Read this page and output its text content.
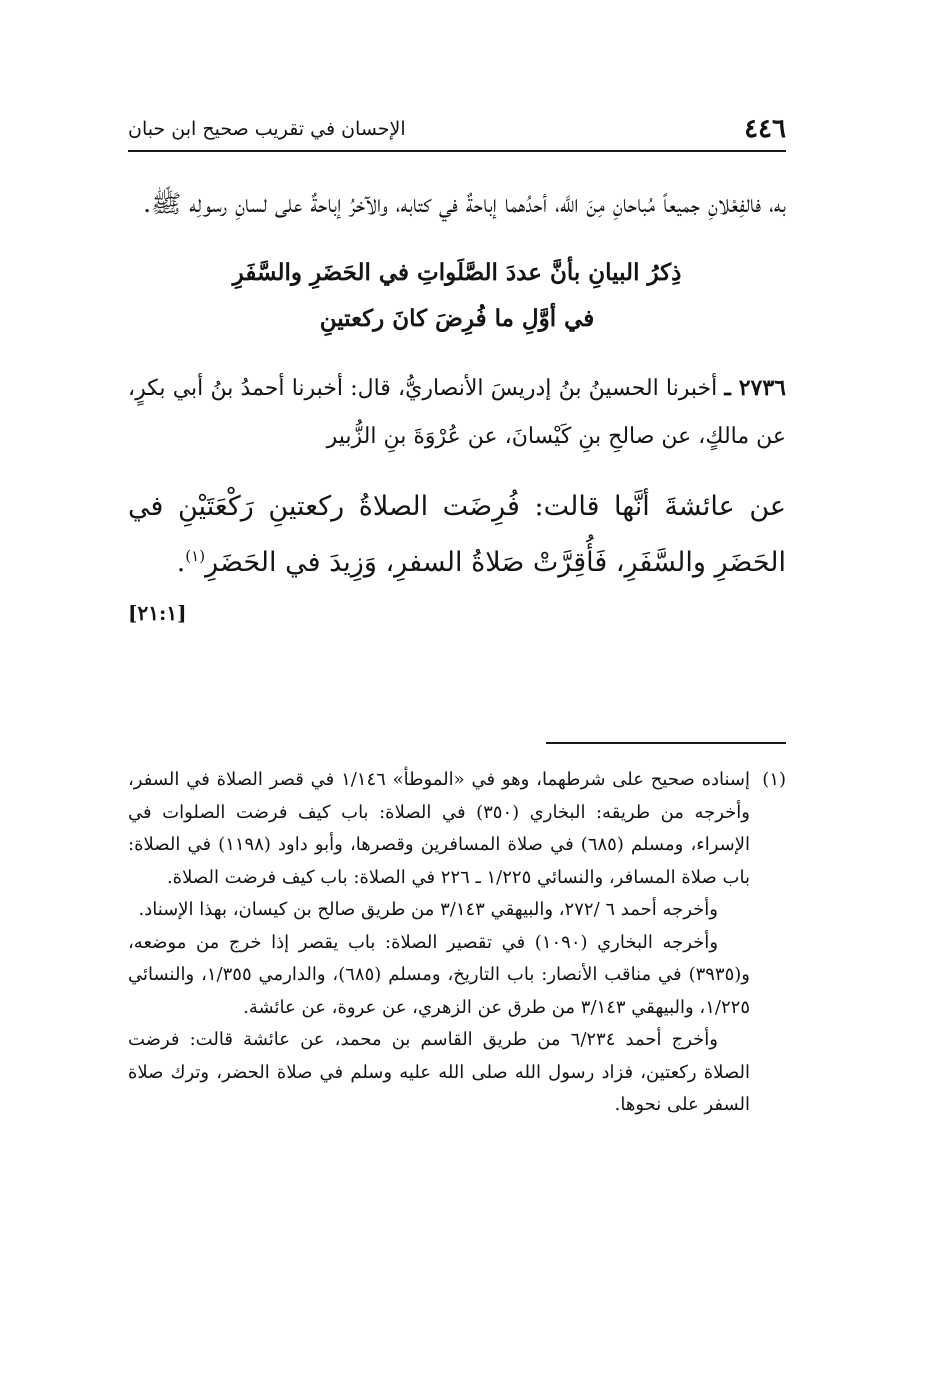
٤٤٦
الإحسان في تقريب صحيح ابن حبان

به، فالفِعْلانِ جميعاً مُباحانِ مِنَ اللَّه، أحدُهما إباحةٌ في كتابه، والآخرُ إباحةٌ على لسانِ رسولِه ﷺ.

ذِكرُ البيانِ بأنَّ عددَ الصَّلَواتِ في الحَضَرِ والسَّفَرِ
في أوَّلِ ما فُرِضَ كانَ ركعتينِ

٢٧٣٦ ـ أخبرنا الحسينُ بنُ إدريسَ الأنصاريُّ، قال: أخبرنا أحمدُ بنُ أبي بكرٍ، عن مالكٍ، عن صالحِ بنِ كَيْسانَ، عن عُرْوَةَ بنِ الزُّبير

عن عائشةَ أنَّها قالت: فُرِضَت الصلاةُ ركعتينِ رَكْعَتَيْنِ في الحَضَرِ والسَّفَرِ، فَأُقِرَّتْ صَلاةُ السفرِ، وَزِيدَ في الحَضَرِ$^{(١)}$.

[٢١:١]

(١)إسناده صحيح على شرطهما، وهو في «الموطأ» ١/١٤٦ في قصر الصلاة في السفر، وأخرجه من طريقه: البخاري (٣٥٠) في الصلاة: باب كيف فرضت الصلوات في الإسراء، ومسلم (٦٨٥) في صلاة المسافرين وقصرها، وأبو داود (١١٩٨) في الصلاة: باب صلاة المسافر، والنسائي ١/٢٢٥ ـ ٢٢٦ في الصلاة: باب كيف فرضت الصلاة.

وأخرجه أحمد ٦ /٢٧٢، والبيهقي ٣/١٤٣ من طريق صالح بن كيسان، بهذا الإسناد.

وأخرجه البخاري (١٠٩٠) في تقصير الصلاة: باب يقصر إذا خرج من موضعه، و(٣٩٣٥) في مناقب الأنصار: باب التاريخ، ومسلم (٦٨٥)، والدارمي ١/٣٥٥، والنسائي ١/٢٢٥، والبيهقي ٣/١٤٣ من طرق عن الزهري، عن عروة، عن عائشة.

وأخرج أحمد ٦/٢٣٤ من طريق القاسم بن محمد، عن عائشة قالت: فرضت الصلاة ركعتين، فزاد رسول الله صلى الله عليه وسلم في صلاة الحضر، وترك صلاة السفر على نحوها.
